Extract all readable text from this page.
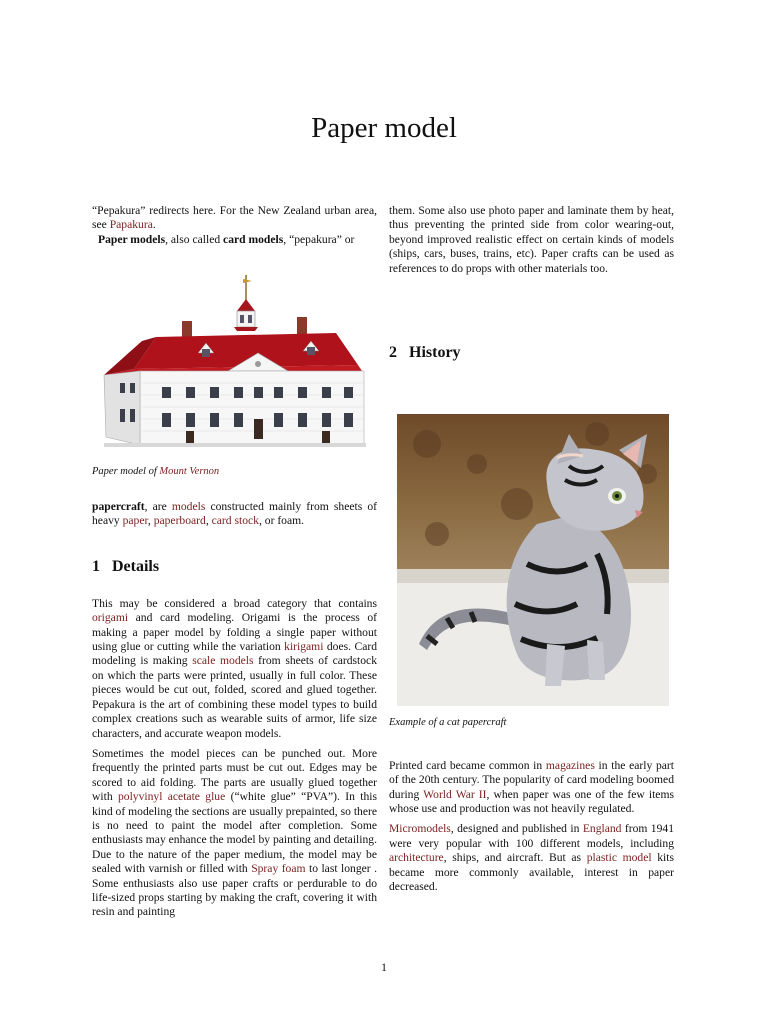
Paper model

“Pepakura” redirects here. For the New Zealand urban area, see Papakura.

Paper models, also called card models, “pepakura” or

Paper model of Mount Vernon

papercraft, are models constructed mainly from sheets of heavy paper, paperboard, card stock, or foam.

1 Details

This may be considered a broad category that contains origami and card modeling. Origami is the process of making a paper model by folding a single paper without using glue or cutting while the variation kirigami does. Card modeling is making scale models from sheets of cardstock on which the parts were printed, usually in full color. These pieces would be cut out, folded, scored and glued together. Pepakura is the art of combining these model types to build complex creations such as wearable suits of armor, life size characters, and accurate weapon models.

Sometimes the model pieces can be punched out. More frequently the printed parts must be cut out. Edges may be scored to aid folding. The parts are usually glued together with polyvinyl acetate glue (“white glue” “PVA”). In this kind of modeling the sections are usually prepainted, so there is no need to paint the model after completion. Some enthusiasts may enhance the model by painting and detailing. Due to the nature of the paper medium, the model may be sealed with varnish or filled with Spray foam to last longer . Some enthusiasts also use paper crafts or perdurable to do life-sized props starting by making the craft, covering it with resin and painting

them. Some also use photo paper and laminate them by heat, thus preventing the printed side from color wearing-out, beyond improved realistic effect on certain kinds of models (ships, cars, buses, trains, etc). Paper crafts can be used as references to do props with other materials too.

2 History

Example of a cat papercraft

Printed card became common in magazines in the early part of the 20th century. The popularity of card modeling boomed during World War II, when paper was one of the few items whose use and production was not heavily regulated.

Micromodels, designed and published in England from 1941 were very popular with 100 different models, including architecture, ships, and aircraft. But as plastic model kits became more commonly available, interest in paper decreased.

1
